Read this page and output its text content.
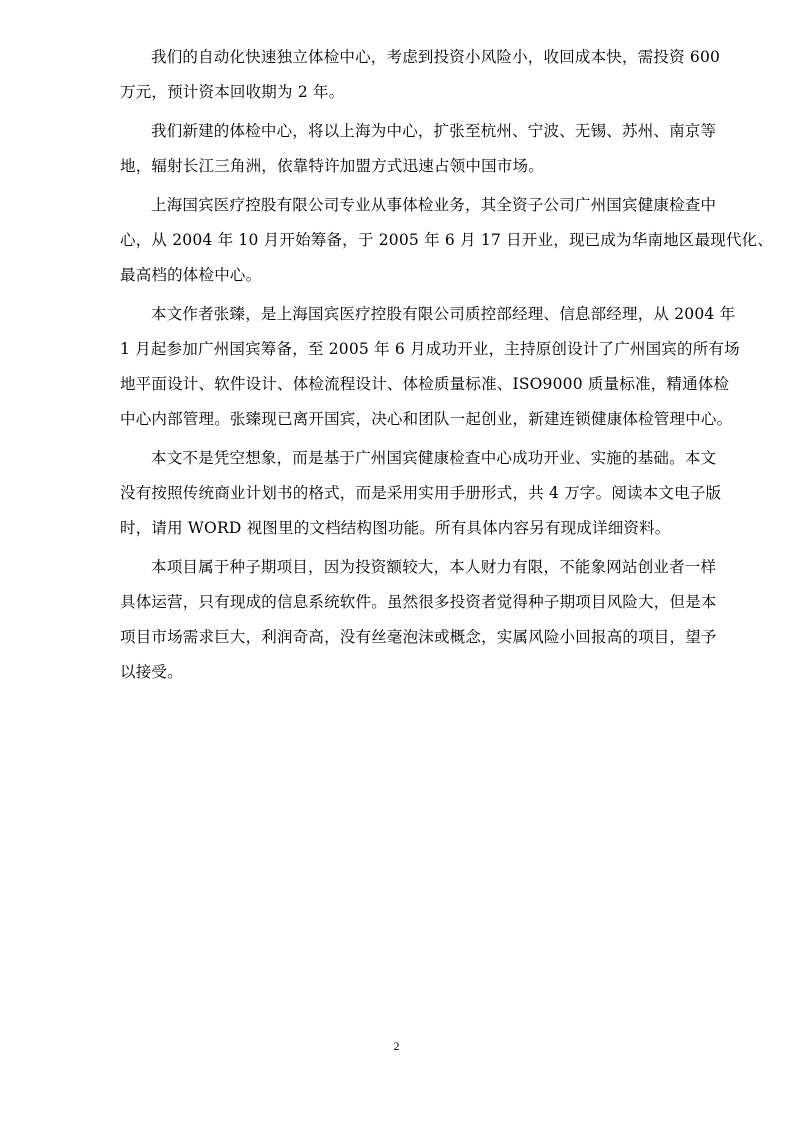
我们的自动化快速独立体检中心，考虑到投资小风险小，收回成本快，需投资 600
万元，预计资本回收期为 2 年。

我们新建的体检中心，将以上海为中心，扩张至杭州、宁波、无锡、苏州、南京等
地，辐射长江三角洲，依靠特许加盟方式迅速占领中国市场。

上海国宾医疗控股有限公司专业从事体检业务，其全资子公司广州国宾健康检查中
心，从 2004 年 10 月开始筹备，于 2005 年 6 月 17 日开业，现已成为华南地区最现代化、
最高档的体检中心。

本文作者张臻，是上海国宾医疗控股有限公司质控部经理、信息部经理，从 2004 年
1 月起参加广州国宾筹备，至 2005 年 6 月成功开业，主持原创设计了广州国宾的所有场
地平面设计、软件设计、体检流程设计、体检质量标准、ISO9000 质量标准，精通体检
中心内部管理。张臻现已离开国宾，决心和团队一起创业，新建连锁健康体检管理中心。

本文不是凭空想象，而是基于广州国宾健康检查中心成功开业、实施的基础。本文
没有按照传统商业计划书的格式，而是采用实用手册形式，共 4 万字。阅读本文电子版
时，请用 WORD 视图里的文档结构图功能。所有具体内容另有现成详细资料。

本项目属于种子期项目，因为投资额较大，本人财力有限，不能象网站创业者一样
具体运营，只有现成的信息系统软件。虽然很多投资者觉得种子期项目风险大，但是本
项目市场需求巨大，利润奇高，没有丝毫泡沫或概念，实属风险小回报高的项目，望予
以接受。

2
